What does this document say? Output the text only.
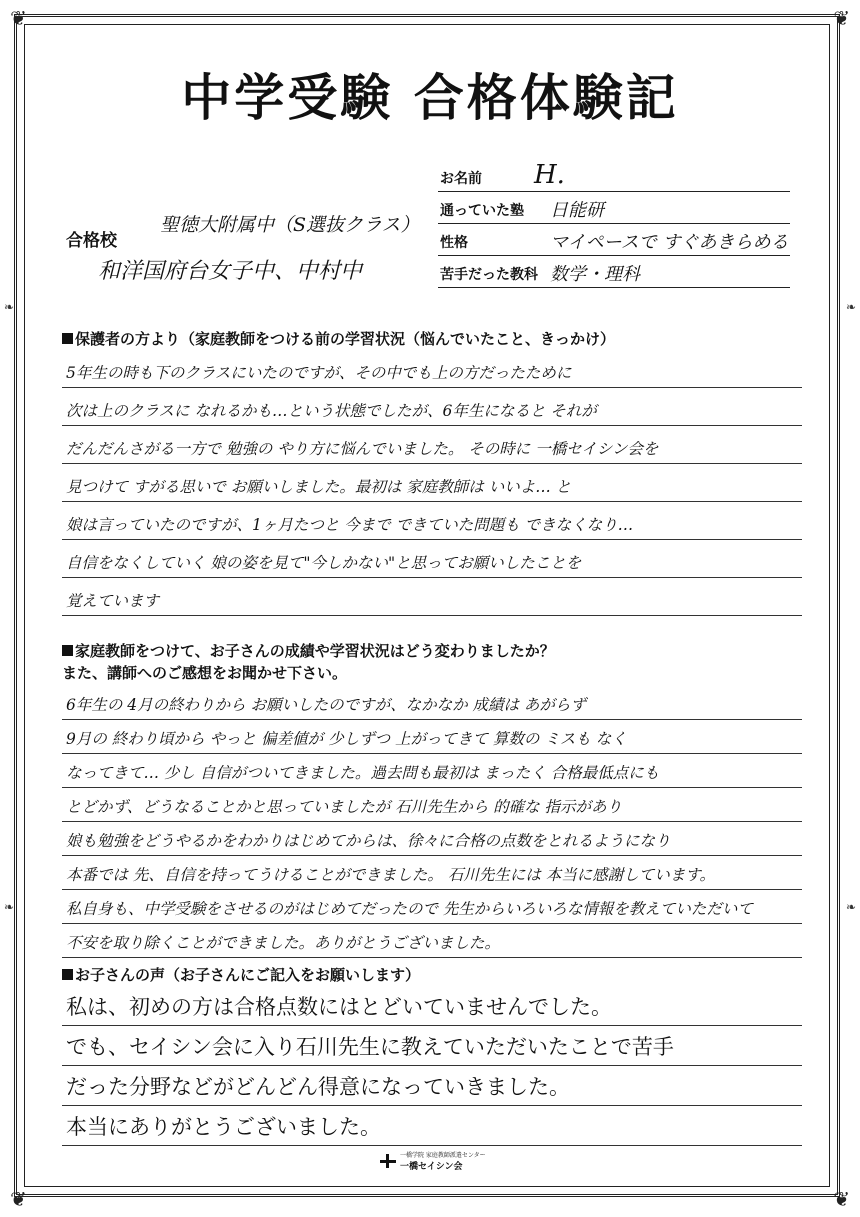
❦	❦
❦	❦
❧	❧
❧	❧
中学受験 合格体験記
お名前 H.
通っていた塾 日能研
性格	マイペースで すぐあきらめる
苦手だった教科 数学・理科
合格校
聖徳大附属中（S選抜クラス）
和洋国府台女子中、中村中
保護者の方より（家庭教師をつける前の学習状況（悩んでいたこと、きっかけ）
5年生の時も下のクラスにいたのですが、その中でも上の方だったために
次は上のクラスに なれるかも…という状態でしたが、6年生になると それが
だんだんさがる一方で 勉強の やり方に悩んでいました。 その時に 一橋セイシン会を
見つけて すがる思いで お願いしました。最初は 家庭教師は いいよ… と
娘は言っていたのですが、1ヶ月たつと 今まで できていた問題も できなくなり…
自信をなくしていく 娘の姿を見て"今しかない"と思ってお願いしたことを
覚えています
家庭教師をつけて、お子さんの成績や学習状況はどう変わりましたか？
また、講師へのご感想をお聞かせ下さい。
6年生の 4月の終わりから お願いしたのですが、なかなか 成績は あがらず
9月の 終わり頃から やっと 偏差値が 少しずつ 上がってきて 算数の ミスも なく
なってきて… 少し 自信がついてきました。過去問も最初は まったく 合格最低点にも
とどかず、どうなることかと思っていましたが 石川先生から 的確な 指示があり
娘も勉強をどうやるかをわかりはじめてからは、徐々に合格の点数をとれるようになり
本番では 先、自信を持ってうけることができました。 石川先生には 本当に感謝しています。
私自身も、中学受験をさせるのがはじめてだったので 先生からいろいろな情報を教えていただいて
不安を取り除くことができました。ありがとうございました。
お子さんの声（お子さんにご記入をお願いします）
私は、初めの方は合格点数にはとどいていませんでした。
でも、セイシン会に入り石川先生に教えていただいたことで苦手
だった分野などがどんどん得意になっていきました。
本当にありがとうございました。
一橋学院 家庭教師派遣センター
一橋セイシン会
